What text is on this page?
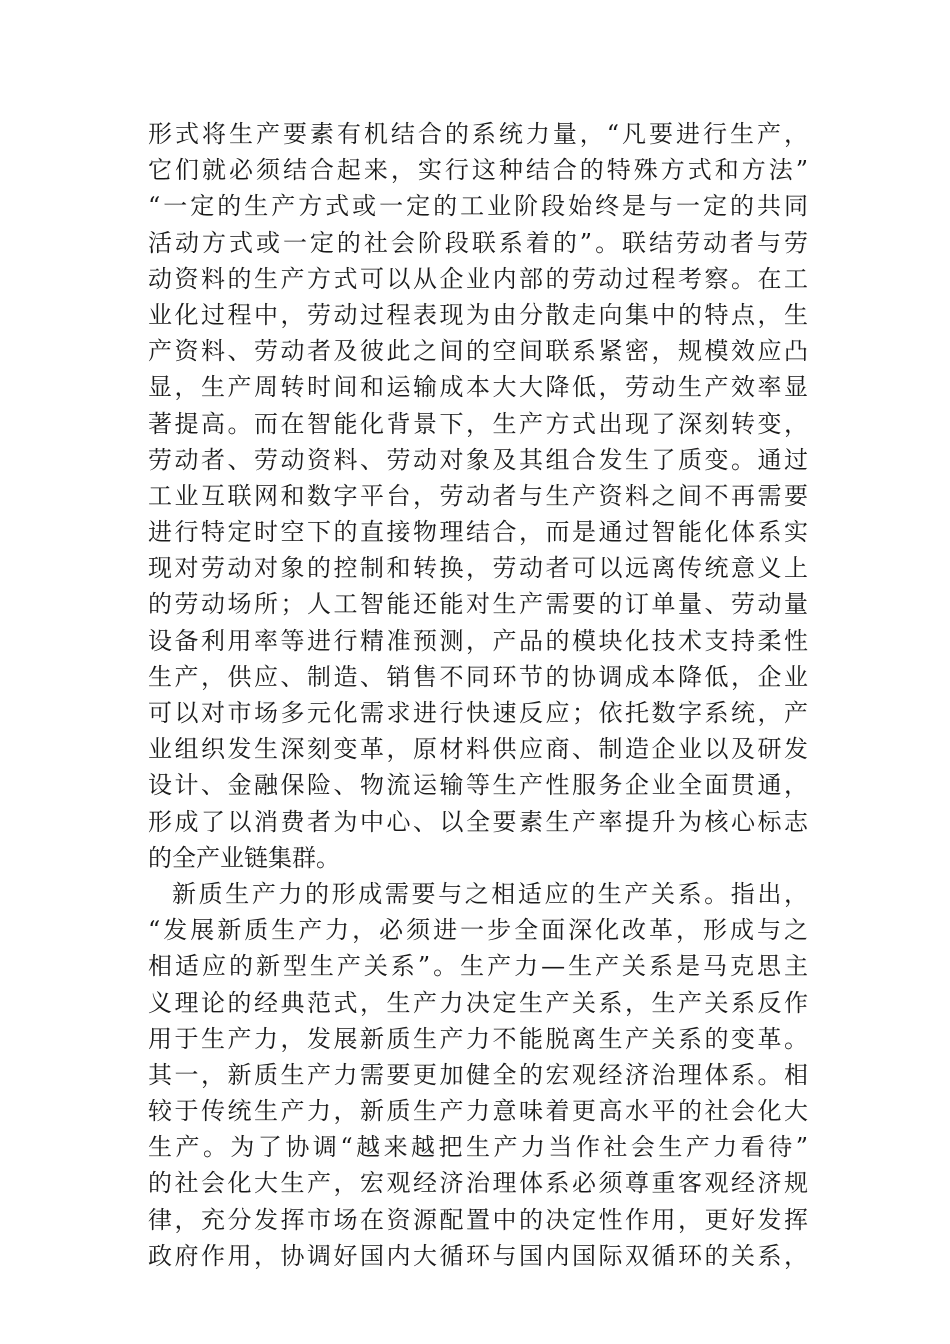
形式将生产要素有机结合的系统力量，“凡要进行生产，
它们就必须结合起来，实行这种结合的特殊方式和方法”
“一定的生产方式或一定的工业阶段始终是与一定的共同
活动方式或一定的社会阶段联系着的”。联结劳动者与劳
动资料的生产方式可以从企业内部的劳动过程考察。在工
业化过程中，劳动过程表现为由分散走向集中的特点，生
产资料、劳动者及彼此之间的空间联系紧密，规模效应凸
显，生产周转时间和运输成本大大降低，劳动生产效率显
著提高。而在智能化背景下，生产方式出现了深刻转变，
劳动者、劳动资料、劳动对象及其组合发生了质变。通过
工业互联网和数字平台，劳动者与生产资料之间不再需要
进行特定时空下的直接物理结合，而是通过智能化体系实
现对劳动对象的控制和转换，劳动者可以远离传统意义上
的劳动场所；人工智能还能对生产需要的订单量、劳动量
设备利用率等进行精准预测，产品的模块化技术支持柔性
生产，供应、制造、销售不同环节的协调成本降低，企业
可以对市场多元化需求进行快速反应；依托数字系统，产
业组织发生深刻变革，原材料供应商、制造企业以及研发
设计、金融保险、物流运输等生产性服务企业全面贯通，
形成了以消费者为中心、以全要素生产率提升为核心标志
的全产业链集群。
新质生产力的形成需要与之相适应的生产关系。指出，
“发展新质生产力，必须进一步全面深化改革，形成与之
相适应的新型生产关系”。生产力—生产关系是马克思主
义理论的经典范式，生产力决定生产关系，生产关系反作
用于生产力，发展新质生产力不能脱离生产关系的变革。
其一，新质生产力需要更加健全的宏观经济治理体系。相
较于传统生产力，新质生产力意味着更高水平的社会化大
生产。为了协调“越来越把生产力当作社会生产力看待”
的社会化大生产，宏观经济治理体系必须尊重客观经济规
律，充分发挥市场在资源配置中的决定性作用，更好发挥
政府作用，协调好国内大循环与国内国际双循环的关系，
